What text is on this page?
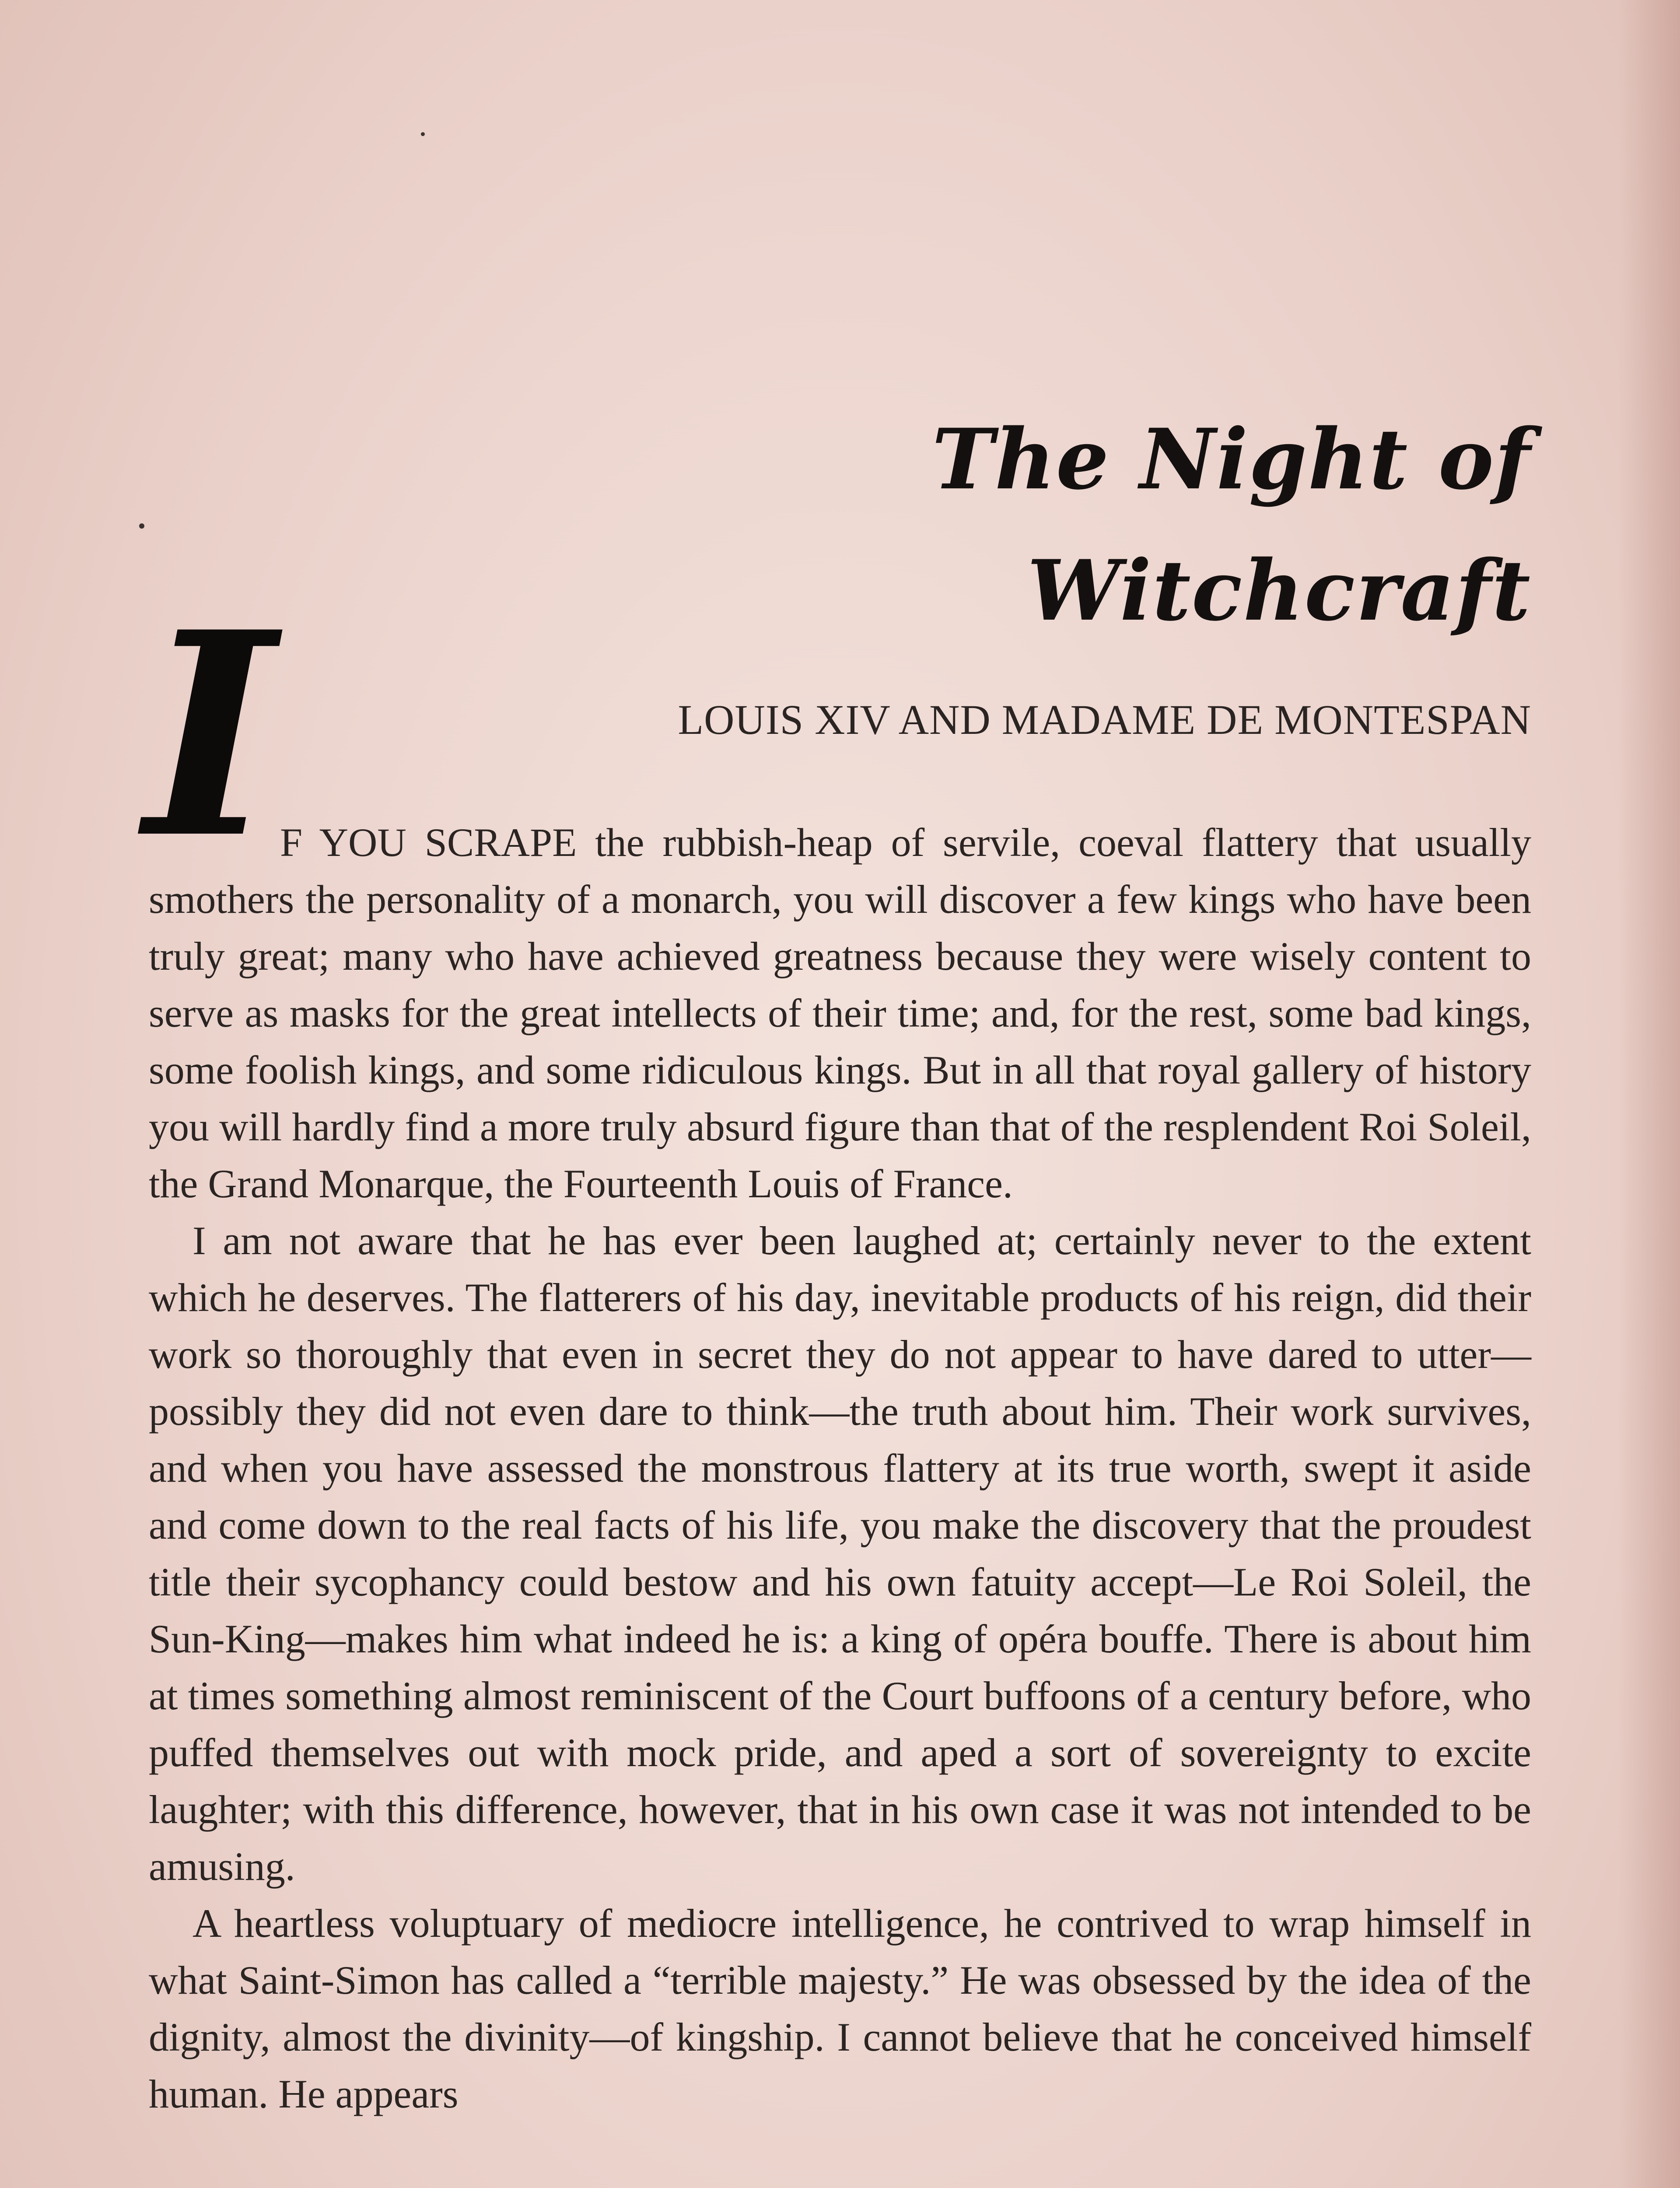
The Night of
Witchcraft
I	LOUIS XIV AND MADAME DE MONTESPAN

F YOU SCRAPE the rubbish-heap of servile, coeval flattery that usually smothers the personality of a monarch, you will discover a few kings who have been truly great; many who have achieved greatness because they were wisely content to serve as masks for the great intellects of their time; and, for the rest, some bad kings, some foolish kings, and some ridiculous kings. But in all that royal gallery of history you will hardly find a more truly absurd figure than that of the resplendent Roi Soleil, the Grand Monarque, the Fourteenth Louis of France.

I am not aware that he has ever been laughed at; certainly never to the extent which he deserves. The flatterers of his day, inevitable products of his reign, did their work so thoroughly that even in secret they do not appear to have dared to utter—possibly they did not even dare to think—the truth about him. Their work survives, and when you have assessed the monstrous flattery at its true worth, swept it aside and come down to the real facts of his life, you make the discovery that the proudest title their sycophancy could bestow and his own fatuity accept—Le Roi Soleil, the Sun-King—makes him what indeed he is: a king of opéra bouffe. There is about him at times something almost reminiscent of the Court buffoons of a century before, who puffed themselves out with mock pride, and aped a sort of sovereignty to excite laughter; with this difference, however, that in his own case it was not intended to be amusing.

A heartless voluptuary of mediocre intelligence, he contrived to wrap himself in what Saint-Simon has called a “terrible majesty.” He was obsessed by the idea of the dignity, almost the divinity—of kingship. I cannot believe that he conceived himself human. He appears
